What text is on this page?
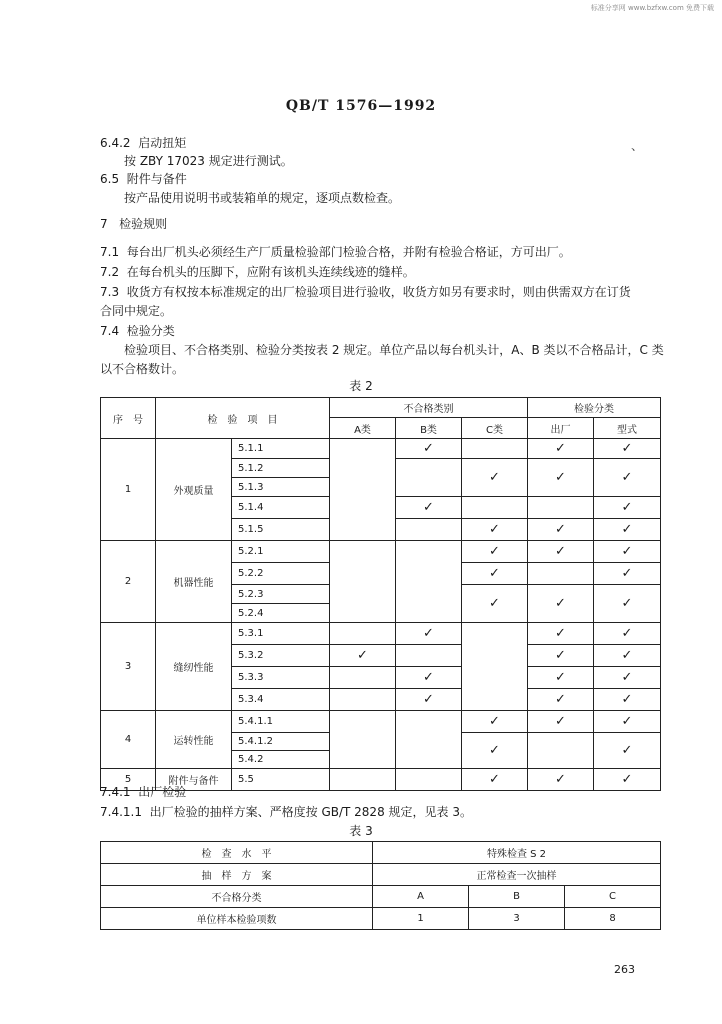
标准分享网 www.bzfxw.com 免费下载
QB/T 1576—1992
、
6.4.2 启动扭矩
按 ZBY 17023 规定进行测试。
6.5 附件与备件
按产品使用说明书或装箱单的规定，逐项点数检查。
7 检验规则
7.1 每台出厂机头必须经生产厂质量检验部门检验合格，并附有检验合格证，方可出厂。
7.2 在每台机头的压脚下，应附有该机头连续线迹的缝样。
7.3 收货方有权按本标准规定的出厂检验项目进行验收，收货方如另有要求时，则由供需双方在订货
合同中规定。
7.4 检验分类
检验项目、不合格类别、检验分类按表 2 规定。单位产品以每台机头计，A、B 类以不合格品计，C 类
以不合格数计。
表 2
序　号	检　验　项　目		不合格类别			检验分类	
			A类	B类	C类	出厂	型式
1	外观质量	5.1.1		✓		✓	✓
		5.1.2			✓	✓	✓
		5.1.3					
		5.1.4		✓			✓
		5.1.5			✓	✓	✓
2	机器性能	5.2.1			✓	✓	✓
		5.2.2			✓		✓
		5.2.3			✓	✓	✓
		5.2.4					
3	缝纫性能	5.3.1		✓		✓	✓
		5.3.2	✓			✓	✓
		5.3.3		✓		✓	✓
		5.3.4		✓		✓	✓
4	运转性能	5.4.1.1			✓	✓	✓
		5.4.1.2			✓		✓
		5.4.2					
5	附件与备件	5.5			✓	✓	✓
7.4.1 出厂检验
7.4.1.1 出厂检验的抽样方案、严格度按 GB/T 2828 规定，见表 3。
表 3
检　查　水　平	特殊检查 S 2		
抽　样　方　案	正常检查一次抽样		
不合格分类	A	B	C
单位样本检验项数	1	3	8
263
